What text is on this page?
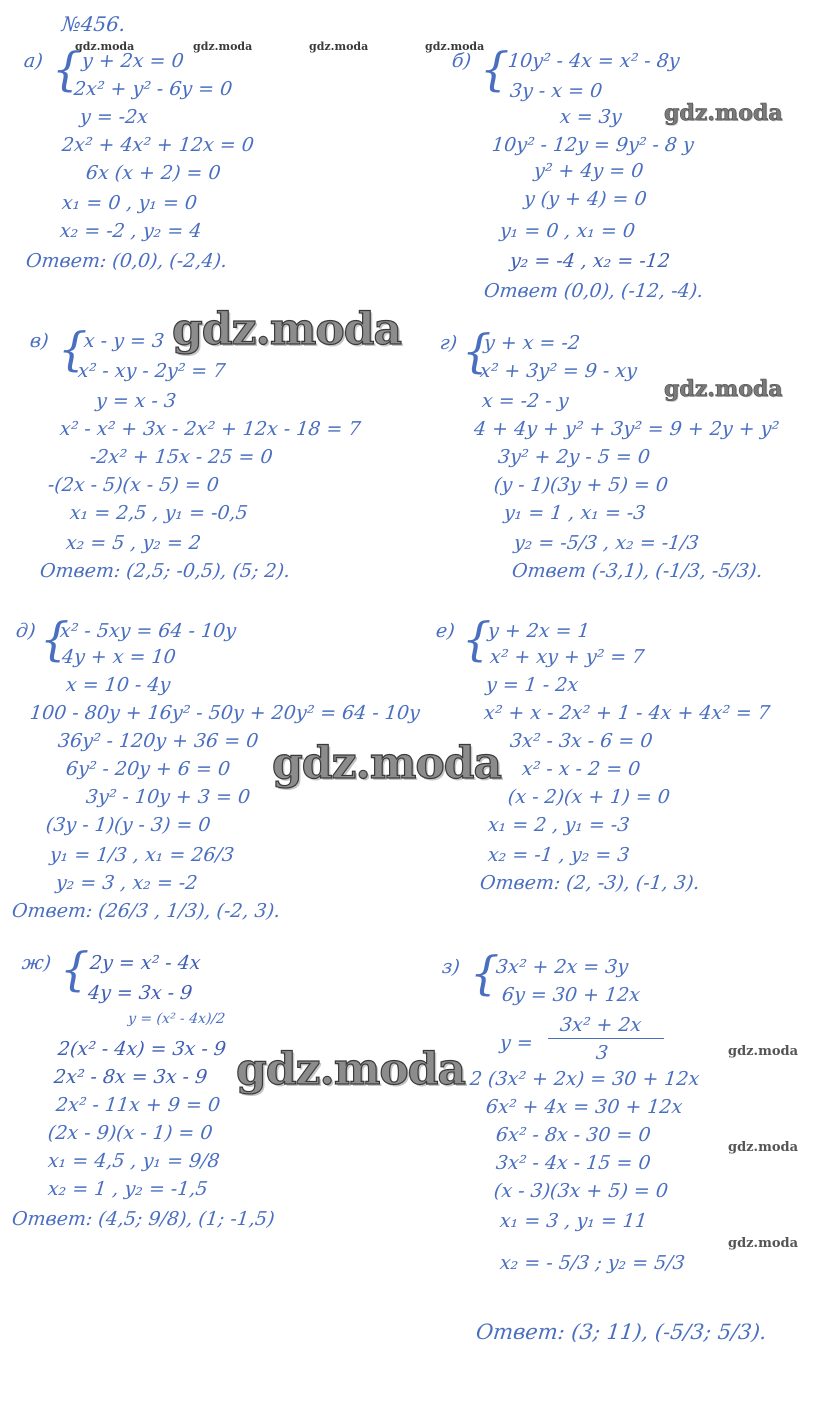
№456.
gdz.moda	gdz.moda	gdz.moda	gdz.moda
а) { y + 2x = 0
2x² + y² - 6y = 0
y = -2x
2x² + 4x² + 12x = 0
6x (x + 2) = 0
x₁ = 0 , y₁ = 0
x₂ = -2 , y₂ = 4
Ответ: (0,0), (-2,4).
б) {
10y² - 4x = x² - 8y
3y - x = 0
x = 3y
10y² - 12y = 9y² - 8 y
y² + 4y = 0
y (y + 4) = 0
y₁ = 0 , x₁ = 0
y₂ = -4 , x₂ = -12
Ответ (0,0), (-12, -4).
gdz.moda
в) {
x - y = 3
x² - xy - 2y² = 7
y = x - 3
x² - x² + 3x - 2x² + 12x - 18 = 7
-2x² + 15x - 25 = 0
-(2x - 5)(x - 5) = 0
x₁ = 2,5 , y₁ = -0,5
x₂ = 5 , y₂ = 2
Ответ: (2,5; -0,5), (5; 2).
gdz.moda г) {
y + x = -2
x² + 3y² = 9 - xy
x = -2 - y
4 + 4y + y² + 3y² = 9 + 2y + y²
3y² + 2y - 5 = 0
(y - 1)(3y + 5) = 0
y₁ = 1 , x₁ = -3
y₂ = -5/3 , x₂ = -1/3
Ответ (-3,1), (-1/3, -5/3).
gdz.moda
д) {
x² - 5xy = 64 - 10y
4y + x = 10
x = 10 - 4y
100 - 80y + 16y² - 50y + 20y² = 64 - 10y
36y² - 120y + 36 = 0
6y² - 20y + 6 = 0
3y² - 10y + 3 = 0
(3y - 1)(y - 3) = 0
y₁ = 1/3 , x₁ = 26/3
y₂ = 3 , x₂ = -2
Ответ: (26/3 , 1/3), (-2, 3).
gdz.moda
е) {
y + 2x = 1
x² + xy + y² = 7
y = 1 - 2x
x² + x - 2x² + 1 - 4x + 4x² = 7
3x² - 3x - 6 = 0
x² - x - 2 = 0
(x - 2)(x + 1) = 0
x₁ = 2 , y₁ = -3
x₂ = -1 , y₂ = 3
Ответ: (2, -3), (-1, 3).
ж) { 2y = x² - 4x
4y = 3x - 9
y = (x² - 4x)/2
2(x² - 4x) = 3x - 9
2x² - 8x = 3x - 9
2x² - 11x + 9 = 0
(2x - 9)(x - 1) = 0
x₁ = 4,5 , y₁ = 9/8
x₂ = 1 , y₂ = -1,5
Ответ: (4,5; 9/8), (1; -1,5)
gdz.moda
з) {
3x² + 2x = 3y
6y = 30 + 12x
y =
3x² + 2x
3
2 (3x² + 2x) = 30 + 12x
6x² + 4x = 30 + 12x
6x² - 8x - 30 = 0
3x² - 4x - 15 = 0
(x - 3)(3x + 5) = 0
x₁ = 3 , y₁ = 11
x₂ = - 5/3 ; y₂ = 5/3
Ответ: (3; 11), (-5/3; 5/3).
gdz.moda
gdz.moda
gdz.moda
